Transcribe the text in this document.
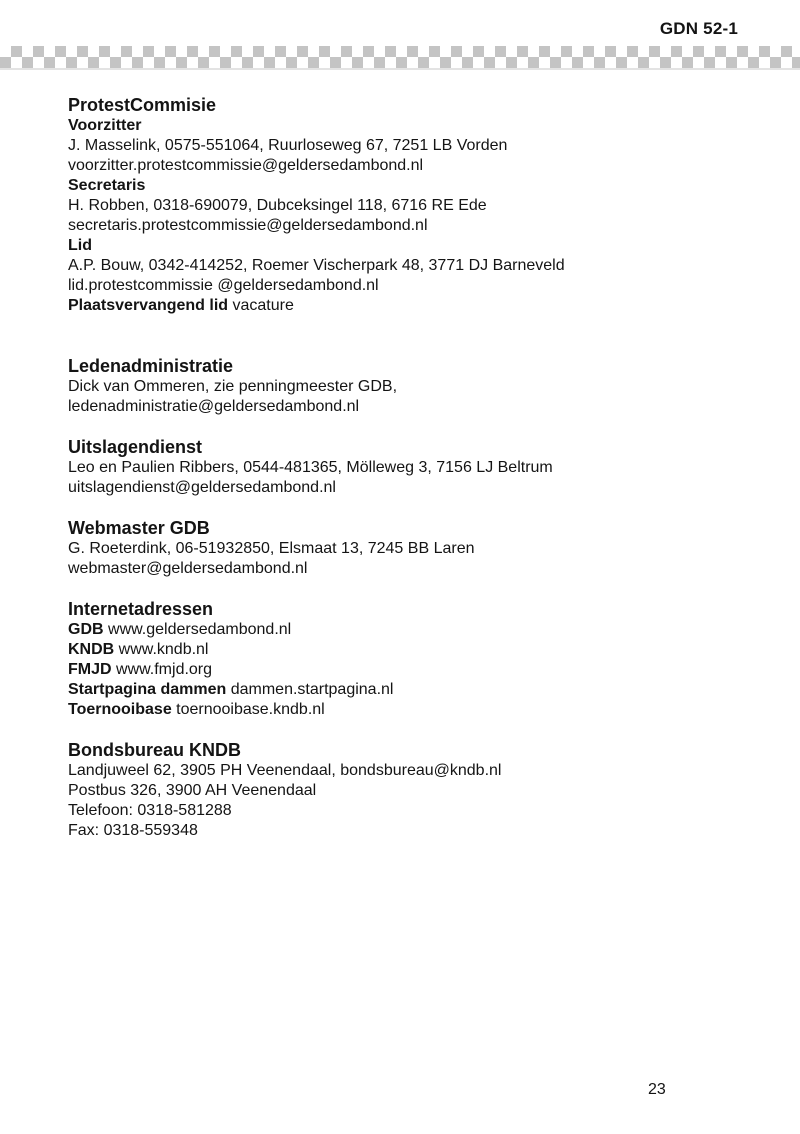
GDN 52-1
ProtestCommisie
Voorzitter
J. Masselink, 0575-551064, Ruurloseweg 67, 7251 LB Vorden
voorzitter.protestcommissie@geldersedambond.nl
Secretaris
H. Robben, 0318-690079, Dubceksingel 118, 6716 RE Ede
secretaris.protestcommissie@geldersedambond.nl
Lid
A.P. Bouw, 0342-414252, Roemer Vischerpark 48, 3771 DJ Barneveld
lid.protestcommissie @geldersedambond.nl
Plaatsvervangend lid vacature
Ledenadministratie
Dick van Ommeren, zie penningmeester GDB,
ledenadministratie@geldersedambond.nl
Uitslagendienst
Leo en Paulien Ribbers, 0544-481365, Mölleweg 3, 7156 LJ Beltrum
uitslagendienst@geldersedambond.nl
Webmaster GDB
G. Roeterdink, 06-51932850, Elsmaat 13, 7245 BB Laren
webmaster@geldersedambond.nl
Internetadressen
GDB www.geldersedambond.nl
KNDB www.kndb.nl
FMJD www.fmjd.org
Startpagina dammen dammen.startpagina.nl
Toernooibase toernooibase.kndb.nl
Bondsbureau KNDB
Landjuweel 62, 3905 PH Veenendaal, bondsbureau@kndb.nl
Postbus 326, 3900 AH Veenendaal
Telefoon: 0318-581288
Fax: 0318-559348
23
